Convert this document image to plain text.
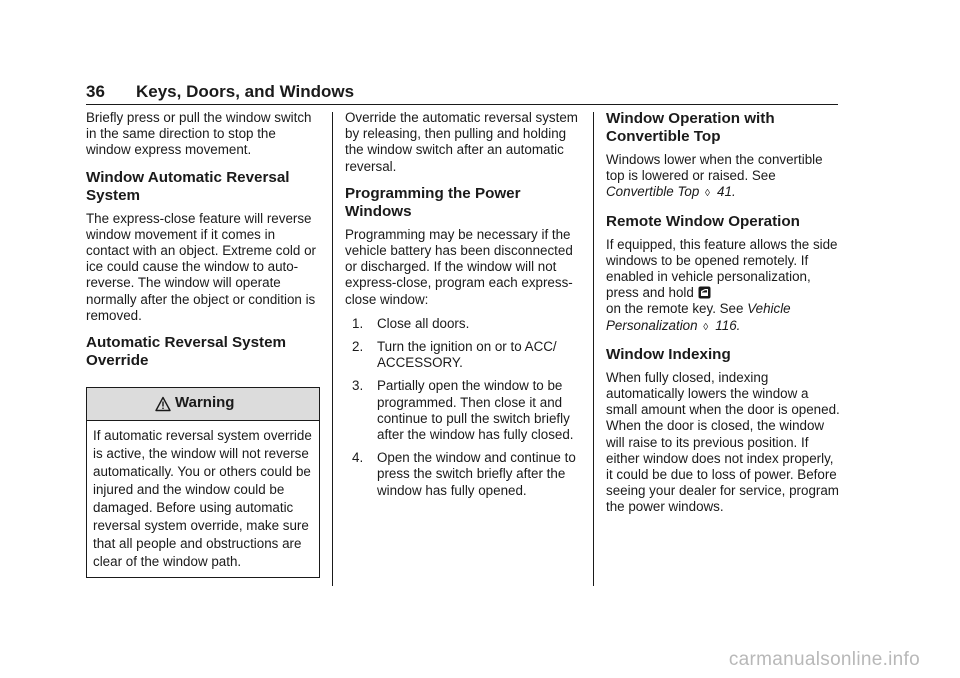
36 Keys, Doors, and Windows

Briefly press or pull the window switch in the same direction to stop the window express movement.

Window Automatic Reversal System

The express-close feature will reverse window movement if it comes in contact with an object. Extreme cold or ice could cause the window to auto-reverse. The window will operate normally after the object or condition is removed.

Automatic Reversal System Override
Warning
If automatic reversal system override is active, the window will not reverse automatically. You or others could be injured and the window could be damaged. Before using automatic reversal system override, make sure that all people and obstructions are clear of the window path.

Override the automatic reversal system by releasing, then pulling and holding the window switch after an automatic reversal.

Programming the Power Windows

Programming may be necessary if the vehicle battery has been disconnected or discharged. If the window will not express-close, program each express-close window:

1. Close all doors.
2. Turn the ignition on or to ACC/ ACCESSORY.
3. Partially open the window to be programmed. Then close it and continue to pull the switch briefly after the window has fully closed.
4. Open the window and continue to press the switch briefly after the window has fully opened.
Window Operation with Convertible Top

Windows lower when the convertible top is lowered or raised. See
Convertible Top ◊ 41.

Remote Window Operation

If equipped, this feature allows the side windows to be opened remotely. If enabled in vehicle personalization, press and hold
on the remote key. See Vehicle Personalization ◊ 116.

Window Indexing

When fully closed, indexing automatically lowers the window a small amount when the door is opened. When the door is closed, the window will raise to its previous position. If either window does not index properly, it could be due to loss of power. Before seeing your dealer for service, program the power windows.

carmanualsonline.info
